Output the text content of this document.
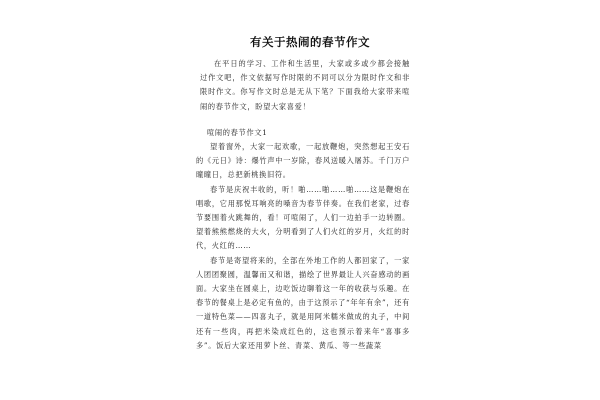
有关于热闹的春节作文

在平日的学习、工作和生活里，大家或多或少都会接触过作文吧，作文依据写作时限的不同可以分为限时作文和非限时作文。你写作文时总是无从下笔？下面我给大家带来喧闹的春节作文，盼望大家喜爱！

喧闹的春节作文1

望着窗外，大家一起欢歌，一起放鞭炮，突然想起王安石的《元日》诗：爆竹声中一岁除，春风送暖入屠苏。千门万户曈曈日，总把新桃换旧符。

春节是庆祝丰收的，听！啪……啪……啪……这是鞭炮在唱歌，它用那悦耳响亮的嗓音为春节伴奏。在我们老家，过春节要围着火跳舞的，看！可喧闹了，人们一边拍手一边转圈。望着熊熊燃烧的大火，分明看到了人们火红的岁月，火红的时代，火红的……

春节是寄望将来的，全部在外地工作的人都回家了，一家人团团聚圆，温馨而又和谐，描绘了世界最让人兴奋感动的画面。大家坐在圆桌上，边吃饭边聊着这一年的收获与乐趣。在春节的餐桌上是必定有鱼的，由于这预示了“年年有余”，还有一道特色菜——四喜丸子，就是用阿米糯米做成的丸子，中间还有一些肉，再把米染成红色的，这也预示着来年“喜事多多”。饭后大家还用萝卜丝、青菜、黄瓜、等一些蔬菜
